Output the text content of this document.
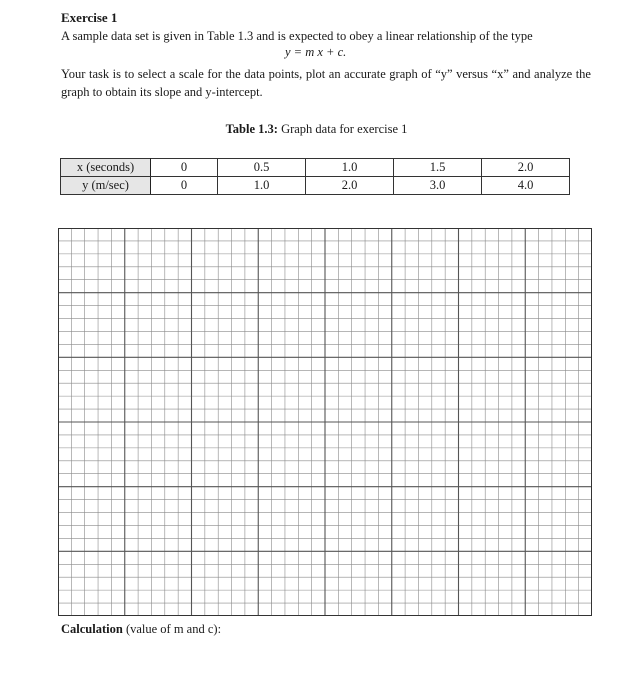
Exercise 1
A sample data set is given in Table 1.3 and is expected to obey a linear relationship of the type
y = m x + c.
Your task is to select a scale for the data points, plot an accurate graph of “y” versus “x” and analyze the graph to obtain its slope and y-intercept.
Table 1.3: Graph data for exercise 1
x (seconds)	0	0.5	1.0	1.5	2.0
y (m/sec)	0	1.0	2.0	3.0	4.0
Calculation (value of m and c):
